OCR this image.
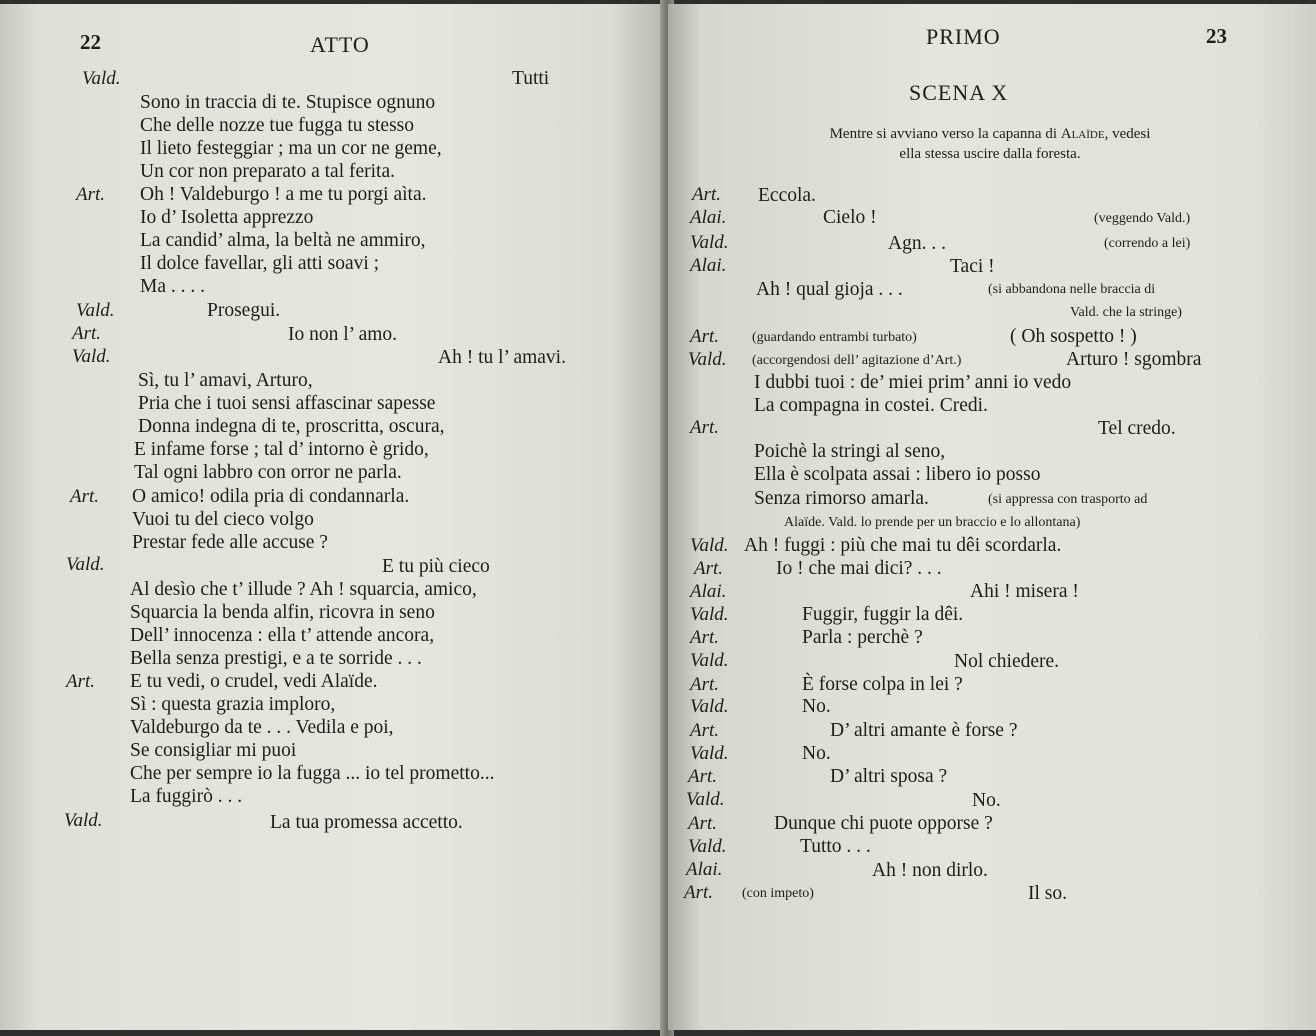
22	ATTO
Vald.	Tutti
Sono in traccia di te. Stupisce ognuno
Che delle nozze tue fugga tu stesso
Il lieto festeggiar ; ma un cor ne geme,
Un cor non preparato a tal ferita.
Art. Oh ! Valdeburgo ! a me tu porgi aìta.
Io d’ Isoletta apprezzo
La candid’ alma, la beltà ne ammiro,
Il dolce favellar, gli atti soavi ;
Ma . . . .
Vald.	Prosegui.
Art.	Io non l’ amo.
Vald.	Ah ! tu l’ amavi.
Sì, tu l’ amavi, Arturo,
Pria che i tuoi sensi affascinar sapesse
Donna indegna di te, proscritta, oscura,
E infame forse ; tal d’ intorno è grido,
Tal ogni labbro con orror ne parla.
Art. O amico! odila pria di condannarla.
Vuoi tu del cieco volgo
Prestar fede alle accuse ?
Vald.	E tu più cieco
Al desìo che t’ illude ? Ah ! squarcia, amico,
Squarcia la benda alfin, ricovra in seno
Dell’ innocenza : ella t’ attende ancora,
Bella senza prestigi, e a te sorride . . .
Art. E tu vedi, o crudel, vedi Alaïde.
Sì : questa grazia imploro,
Valdeburgo da te . . . Vedila e poi,
Se consigliar mi puoi
Che per sempre io la fugga ... io tel prometto...
La fuggirò . . .
Vald.	La tua promessa accetto.
PRIMO	23
SCENA X
Mentre si avviano verso la capanna di Alaïde, vedesi
ella stessa uscire dalla foresta.
Art. Eccola.
Alai.	Cielo !	(veggendo Vald.)
Vald.	Agn. . .	(correndo a lei)
Alai.	Taci !
Ah ! qual gioja . . .	(si abbandona nelle braccia di
Vald. che la stringe)
Art. (guardando entrambi turbato)	( Oh sospetto ! )
Vald. (accorgendosi dell’ agitazione d’Art.)	Arturo ! sgombra
I dubbi tuoi : de’ miei prim’ anni io vedo
La compagna in costei. Credi.
Art.	Tel credo.
Poichè la stringi al seno,
Ella è scolpata assai : libero io posso
Senza rimorso amarla.	(si appressa con trasporto ad
Alaïde. Vald. lo prende per un braccio e lo allontana)
Vald. Ah ! fuggi : più che mai tu dêi scordarla.
Art.	Io ! che mai dici? . . .
Alai.	Ahi ! misera !
Vald.	Fuggir, fuggir la dêi.
Art.	Parla : perchè ?
Vald.	Nol chiedere.
Art.	È forse colpa in lei ?
Vald.	No.
Art.	D’ altri amante è forse ?
Vald.	No.
Art.	D’ altri sposa ?
Vald.	No.
Art.	Dunque chi puote opporse ?
Vald.	Tutto . . .
Alai.	Ah ! non dirlo.
Art. (con impeto)	Il so.
